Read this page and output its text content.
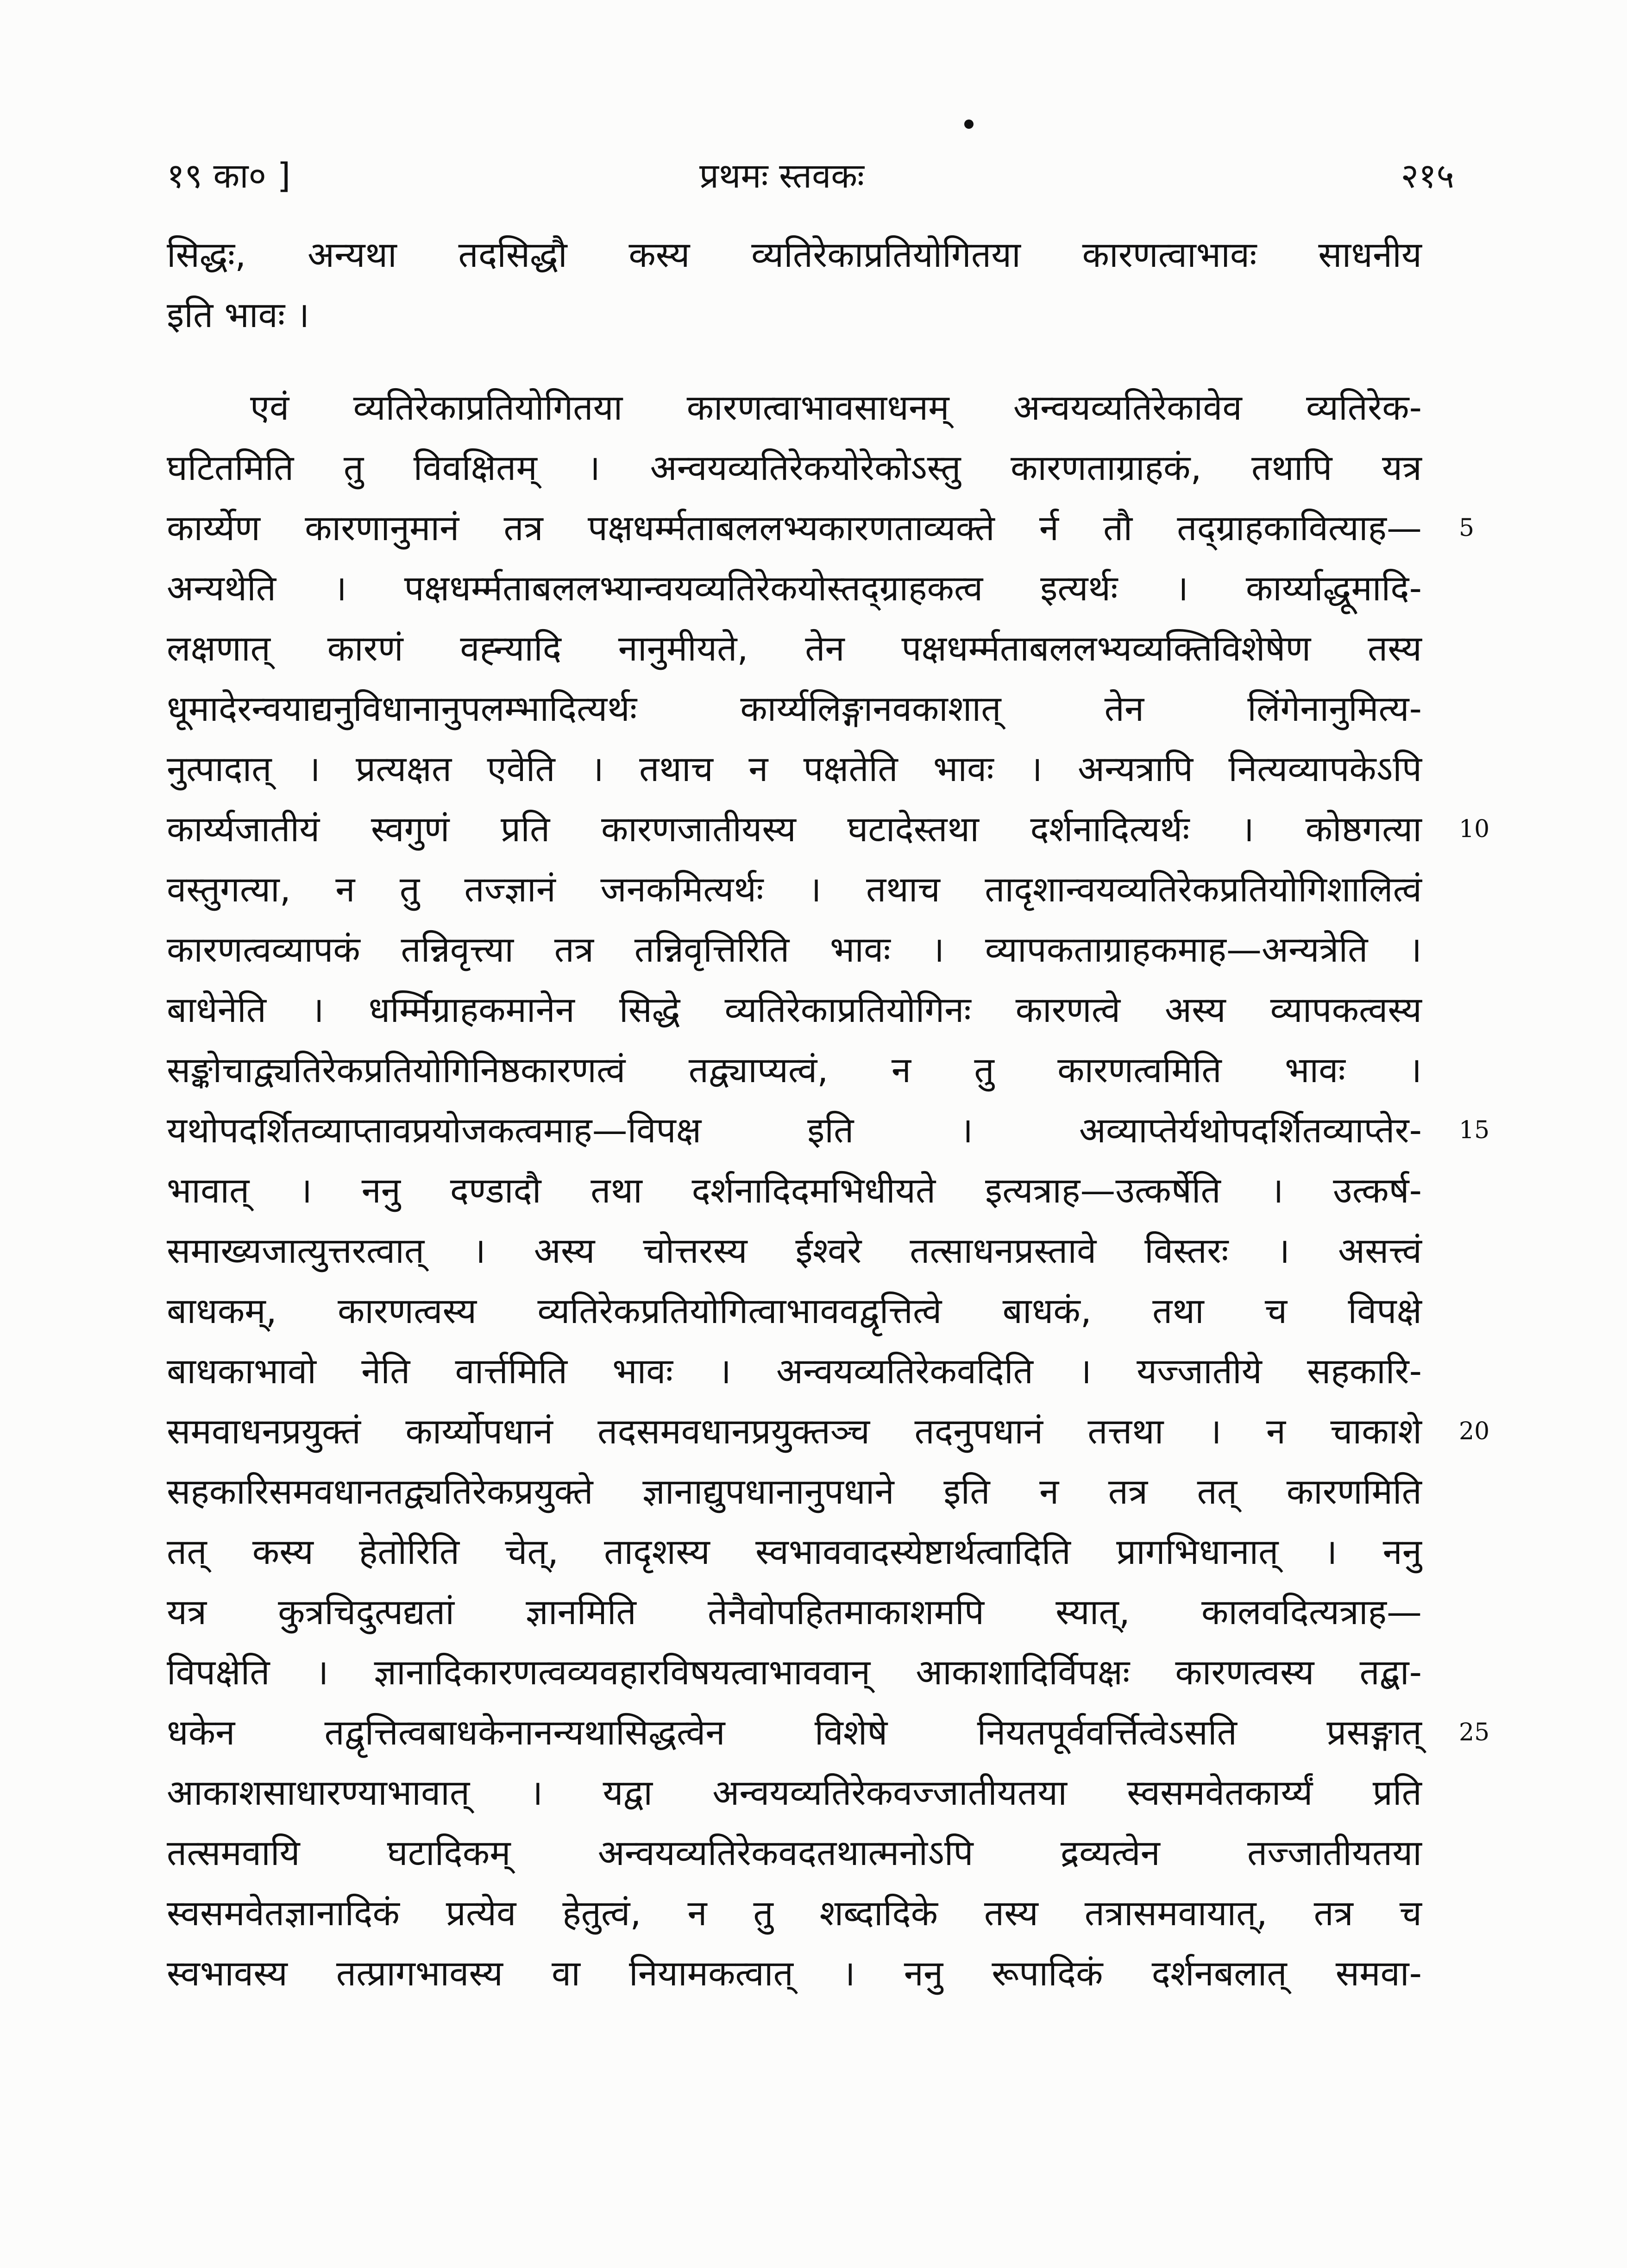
१९ का० ]	प्रथमः स्तवकः	२१५
सिद्धः, अन्यथा तदसिद्धौ कस्य व्यतिरेकाप्रतियोगितया कारणत्वाभावः साधनीय
इति भावः ।
एवं व्यतिरेकाप्रतियोगितया कारणत्वाभावसाधनम् अन्वयव्यतिरेकावेव व्यतिरेक-
घटितमिति तु विवक्षितम् । अन्वयव्यतिरेकयोरेकोऽस्तु कारणताग्राहकं, तथापि यत्र
कार्य्येण कारणानुमानं तत्र पक्षधर्म्मताबललभ्यकारणताव्यक्ते र्न तौ तद्ग्राहकावित्याह—
अन्यथेति । पक्षधर्म्मताबललभ्यान्वयव्यतिरेकयोस्तद्ग्राहकत्व इत्यर्थः । कार्य्याद्धूमादि-
लक्षणात् कारणं वह्न्यादि नानुमीयते, तेन पक्षधर्म्मताबललभ्यव्यक्तिविशेषेण तस्य
धूमादेरन्वयाद्यनुविधानानुपलम्भादित्यर्थः कार्य्यलिङ्गानवकाशात् तेन लिंगेनानुमित्य-
नुत्पादात् । प्रत्यक्षत एवेति । तथाच न पक्षतेति भावः । अन्यत्रापि नित्यव्यापकेऽपि
कार्य्यजातीयं स्वगुणं प्रति कारणजातीयस्य घटादेस्तथा दर्शनादित्यर्थः । कोष्ठगत्या
वस्तुगत्या, न तु तज्ज्ञानं जनकमित्यर्थः । तथाच तादृशान्वयव्यतिरेकप्रतियोगिशालित्वं
कारणत्वव्यापकं तन्निवृत्त्या तत्र तन्निवृत्तिरिति भावः । व्यापकताग्राहकमाह—अन्यत्रेति ।
बाधेनेति । धर्म्मिग्राहकमानेन सिद्धे व्यतिरेकाप्रतियोगिनः कारणत्वे अस्य व्यापकत्वस्य
सङ्कोचाद्व्यतिरेकप्रतियोगिनिष्ठकारणत्वं तद्व्याप्यत्वं, न तु कारणत्वमिति भावः ।
यथोपदर्शितव्याप्तावप्रयोजकत्वमाह—विपक्ष इति । अव्याप्तेर्यथोपदर्शितव्याप्तेर-
भावात् । ननु दण्डादौ तथा दर्शनादिदमभिधीयते इत्यत्राह—उत्कर्षेति । उत्कर्ष-
समाख्यजात्युत्तरत्वात् । अस्य चोत्तरस्य ईश्वरे तत्साधनप्रस्तावे विस्तरः । असत्त्वं
बाधकम्, कारणत्वस्य व्यतिरेकप्रतियोगित्वाभाववद्वृत्तित्वे बाधकं, तथा च विपक्षे
बाधकाभावो नेति वार्त्तमिति भावः । अन्वयव्यतिरेकवदिति । यज्जातीये सहकारि-
समवाधनप्रयुक्तं कार्य्योपधानं तदसमवधानप्रयुक्तञ्च तदनुपधानं तत्तथा । न चाकाशे
सहकारिसमवधानतद्व्यतिरेकप्रयुक्ते ज्ञानाद्युपधानानुपधाने इति न तत्र तत् कारणमिति
तत् कस्य हेतोरिति चेत्, तादृशस्य स्वभाववादस्येष्टार्थत्वादिति प्रागभिधानात् । ननु
यत्र कुत्रचिदुत्पद्यतां ज्ञानमिति तेनैवोपहितमाकाशमपि स्यात्, कालवदित्यत्राह—
विपक्षेति । ज्ञानादिकारणत्वव्यवहारविषयत्वाभाववान् आकाशादिर्विपक्षः कारणत्वस्य तद्बा-
धकेन तद्वृत्तित्वबाधकेनानन्यथासिद्धत्वेन विशेषे नियतपूर्ववर्त्तित्वेऽसति प्रसङ्गात्
आकाशसाधारण्याभावात् । यद्वा अन्वयव्यतिरेकवज्जातीयतया स्वसमवेतकार्य्यं प्रति
तत्समवायि घटादिकम् अन्वयव्यतिरेकवदतथात्मनोऽपि द्रव्यत्वेन तज्जातीयतया
स्वसमवेतज्ञानादिकं प्रत्येव हेतुत्वं, न तु शब्दादिके तस्य तत्रासमवायात्, तत्र च
स्वभावस्य तत्प्रागभावस्य वा नियामकत्वात् । ननु रूपादिकं दर्शनबलात् समवा-
5
10
15
20
25
